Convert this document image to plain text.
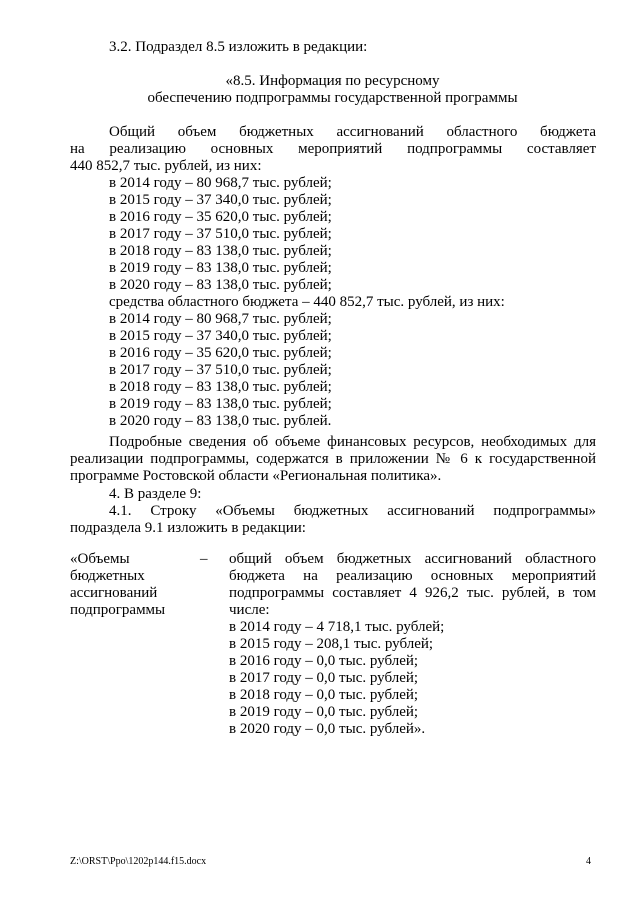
3.2. Подраздел 8.5 изложить в редакции:
«8.5. Информация по ресурсному
обеспечению подпрограммы государственной программы
Общий объем бюджетных ассигнований областного бюджета
на реализацию основных мероприятий подпрограммы составляет
440 852,7 тыс. рублей, из них:
в 2014 году – 80 968,7 тыс. рублей;
в 2015 году – 37 340,0 тыс. рублей;
в 2016 году – 35 620,0 тыс. рублей;
в 2017 году – 37 510,0 тыс. рублей;
в 2018 году – 83 138,0 тыс. рублей;
в 2019 году – 83 138,0 тыс. рублей;
в 2020 году – 83 138,0 тыс. рублей;
средства областного бюджета – 440 852,7 тыс. рублей, из них:
в 2014 году – 80 968,7 тыс. рублей;
в 2015 году – 37 340,0 тыс. рублей;
в 2016 году – 35 620,0 тыс. рублей;
в 2017 году – 37 510,0 тыс. рублей;
в 2018 году – 83 138,0 тыс. рублей;
в 2019 году – 83 138,0 тыс. рублей;
в 2020 году – 83 138,0 тыс. рублей.
Подробные сведения об объеме финансовых ресурсов, необходимых для
реализации подпрограммы, содержатся в приложении № 6 к государственной
программе Ростовской области «Региональная политика».
4. В разделе 9:
4.1. Строку «Объемы бюджетных ассигнований подпрограммы»
подраздела 9.1 изложить в редакции:
«Объемы
бюджетных
ассигнований
подпрограммы
– общий объем бюджетных ассигнований областного
бюджета на реализацию основных мероприятий
подпрограммы составляет 4 926,2 тыс. рублей, в том
числе:
в 2014 году – 4 718,1 тыс. рублей;
в 2015 году – 208,1 тыс. рублей;
в 2016 году – 0,0 тыс. рублей;
в 2017 году – 0,0 тыс. рублей;
в 2018 году – 0,0 тыс. рублей;
в 2019 году – 0,0 тыс. рублей;
в 2020 году – 0,0 тыс. рублей».
Z:\ORST\Ppo\1202p144.f15.docx	4
